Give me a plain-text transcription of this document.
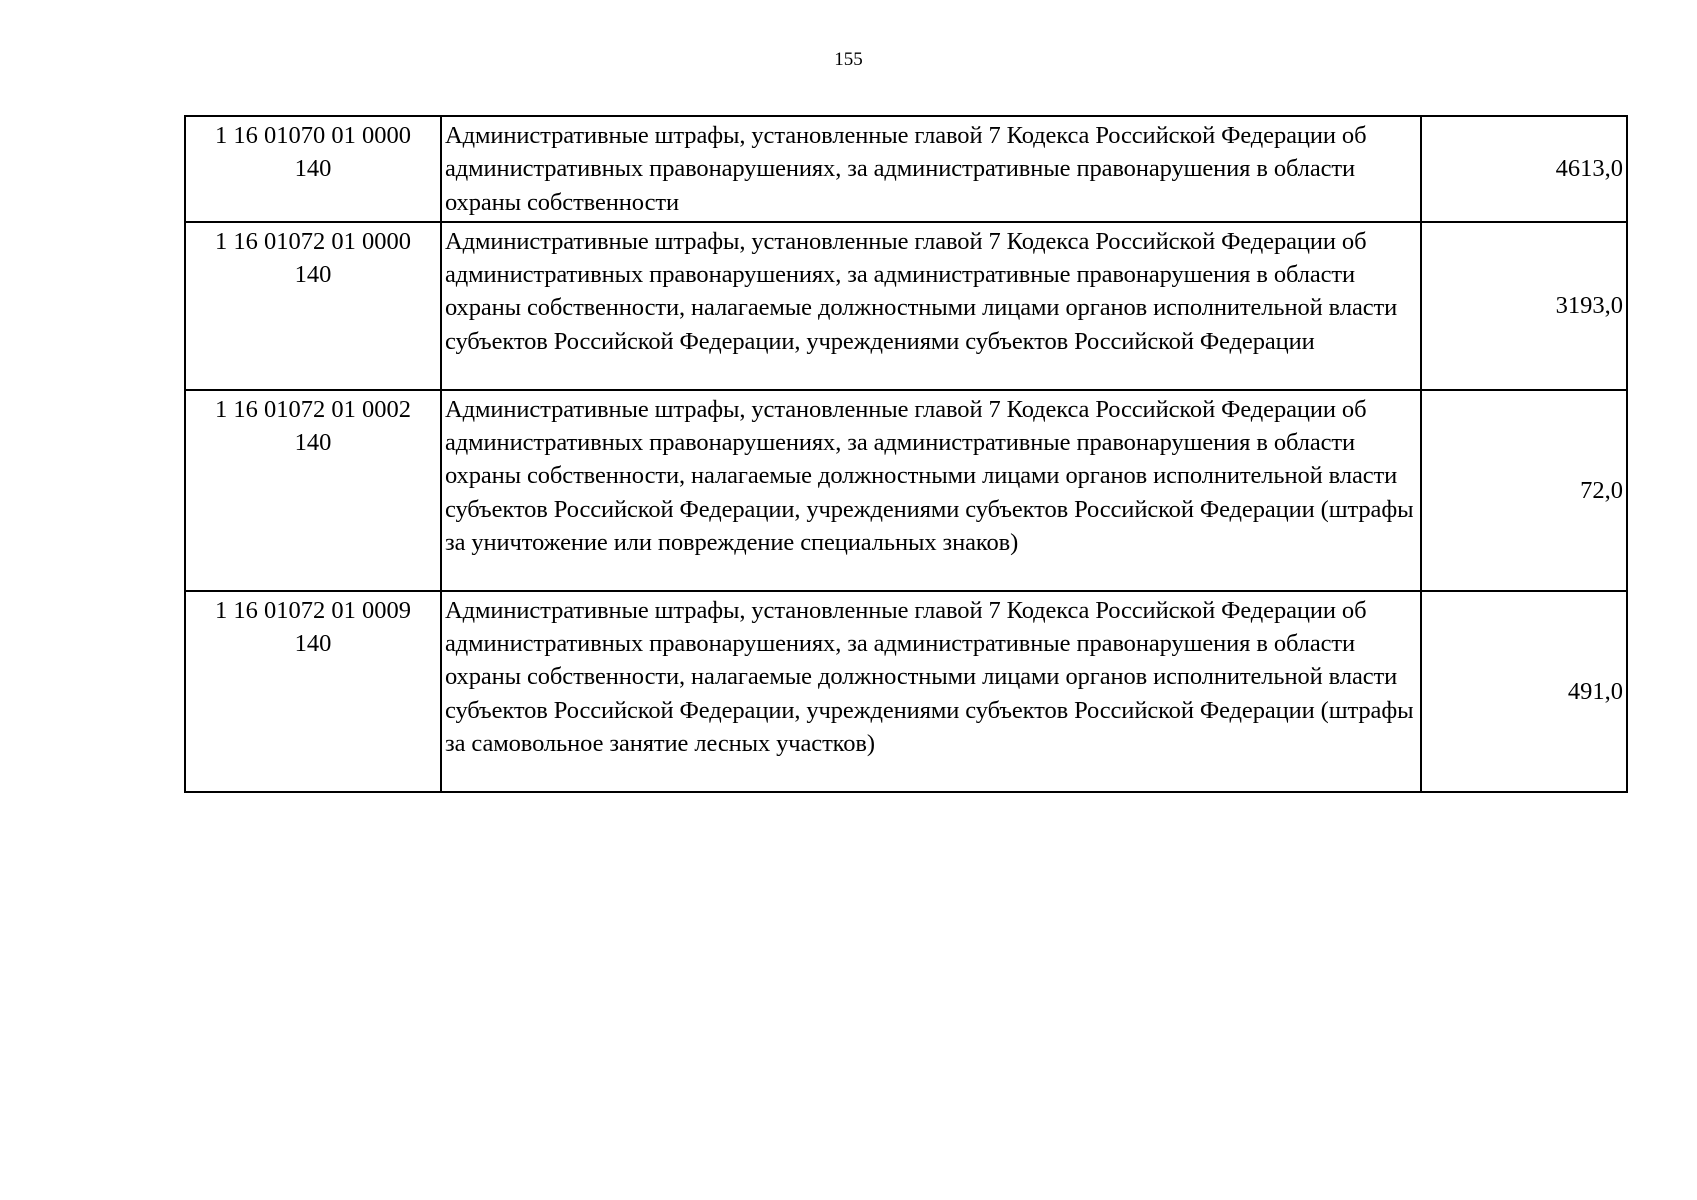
155
1 16 01070 01 0000
140	Административные штрафы, установленные главой 7 Кодекса Российской Федерации об административных правонарушениях, за административные правонарушения в области охраны собственности	4613,0

1 16 01072 01 0000
140	Административные штрафы, установленные главой 7 Кодекса Российской Федерации об административных правонарушениях, за административные правонарушения в области охраны собственности, налагаемые должностными лицами органов исполнительной власти субъектов Российской Федерации, учреждениями субъектов Российской Федерации	3193,0

1 16 01072 01 0002
140	Административные штрафы, установленные главой 7 Кодекса Российской Федерации об административных правонарушениях, за административные правонарушения в области охраны собственности, налагаемые должностными лицами органов исполнительной власти субъектов Российской Федерации, учреждениями субъектов Российской Федерации (штрафы за уничтожение или повреждение специальных знаков)	72,0

1 16 01072 01 0009
140	Административные штрафы, установленные главой 7 Кодекса Российской Федерации об административных правонарушениях, за административные правонарушения в области охраны собственности, налагаемые должностными лицами органов исполнительной власти субъектов Российской Федерации, учреждениями субъектов Российской Федерации (штрафы за самовольное занятие лесных участков)	491,0
